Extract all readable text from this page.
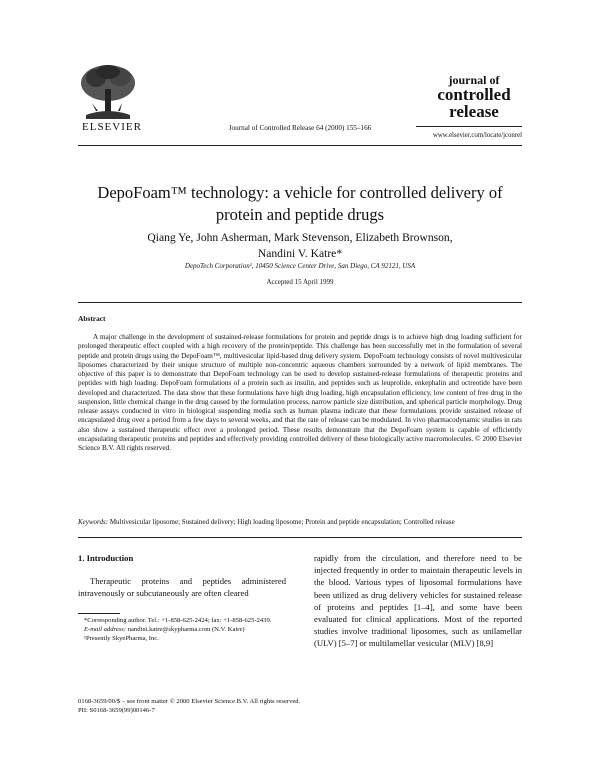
ELSEVIER	Journal of Controlled Release 64 (2000) 155–166
journal of
controlled
release
www.elsevier.com/locate/jconrel
DepoFoam™ technology: a vehicle for controlled delivery of
protein and peptide drugs
Qiang Ye, John Asherman, Mark Stevenson, Elizabeth Brownson,
Nandini V. Katre*
DepoTech Corporation¹, 10450 Science Center Drive, San Diego, CA 92121, USA
Accepted 15 April 1999
Abstract
A major challenge in the development of sustained-release formulations for protein and peptide drugs is to achieve high drug loading sufficient for prolonged therapeutic effect coupled with a high recovery of the protein/peptide. This challenge has been successfully met in the formulation of several peptide and protein drugs using the DepoFoam™, multivesicular lipid-based drug delivery system. DepoFoam technology consists of novel multivesicular liposomes characterized by their unique structure of multiple non-concentric aqueous chambers surrounded by a network of lipid membranes. The objective of this paper is to demonstrate that DepoFoam technology can be used to develop sustained-release formulations of therapeutic proteins and peptides with high loading. DepoFoam formulations of a protein such as insulin, and peptides such as leuprolide, enkephalin and octreotide have been developed and characterized. The data show that these formulations have high drug loading, high encapsulation efficiency, low content of free drug in the suspension, little chemical change in the drug caused by the formulation process, narrow particle size distribution, and spherical particle morphology. Drug release assays conducted in vitro in biological suspending media such as human plasma indicate that these formulations provide sustained release of encapsulated drug over a period from a few days to several weeks, and that the rate of release can be modulated. In vivo pharmacodynamic studies in rats also show a sustained therapeutic effect over a prolonged period. These results demonstrate that the DepoFoam system is capable of efficiently encapsulating therapeutic proteins and peptides and effectively providing controlled delivery of these biologically active macromolecules. © 2000 Elsevier Science B.V. All rights reserved.
Keywords: Multivesicular liposome; Sustained delivery; High loading liposome; Protein and peptide encapsulation; Controlled release
1. Introduction
Therapeutic proteins and peptides administered intravenously or subcutaneously are often cleared
rapidly from the circulation, and therefore need to be injected frequently in order to maintain therapeutic levels in the blood. Various types of liposomal formulations have been utilized as drug delivery vehicles for sustained release of proteins and peptides [1–4], and some have been evaluated for clinical applications. Most of the reported studies involve traditional liposomes, such as unilamellar (ULV) [5–7] or multilamellar vesicular (MLV) [8,9]

*Corresponding author. Tel.: +1-858-625-2424; fax: +1-858-625-2439.

E-mail address: nandini.katre@skypharma.com (N.V. Katre)

¹Presently SkyePharma, Inc.

0168-3659/00/$ – see front matter © 2000 Elsevier Science B.V. All rights reserved.

PII: S0168-3659(99)00146-7
